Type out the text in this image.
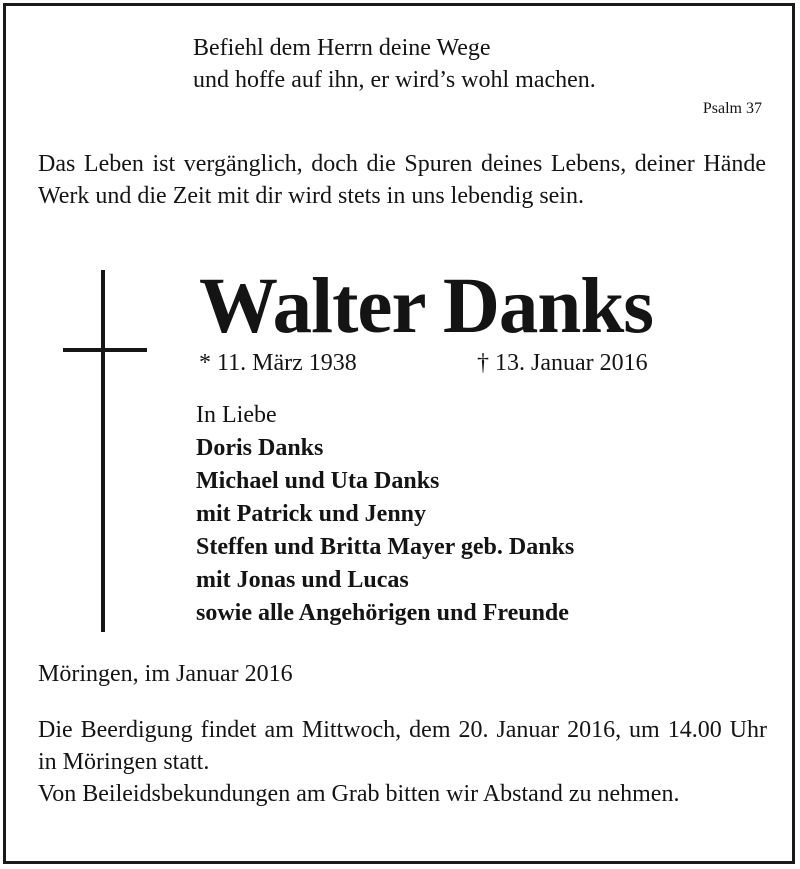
Befiehl dem Herrn deine Wege
und hoffe auf ihn, er wird’s wohl machen.
Psalm 37
Das Leben ist vergänglich, doch die Spuren deines Lebens, deiner Hände Werk und die Zeit mit dir wird stets in uns lebendig sein.
Walter Danks
* 11. März 1938	† 13. Januar 2016
In Liebe
Doris Danks
Michael und Uta Danks
mit Patrick und Jenny
Steffen und Britta Mayer geb. Danks
mit Jonas und Lucas
sowie alle Angehörigen und Freunde
Möringen, im Januar 2016
Die Beerdigung findet am Mittwoch, dem 20. Januar 2016, um 14.00 Uhr in Möringen statt.
Von Beileidsbekundungen am Grab bitten wir Abstand zu nehmen.
